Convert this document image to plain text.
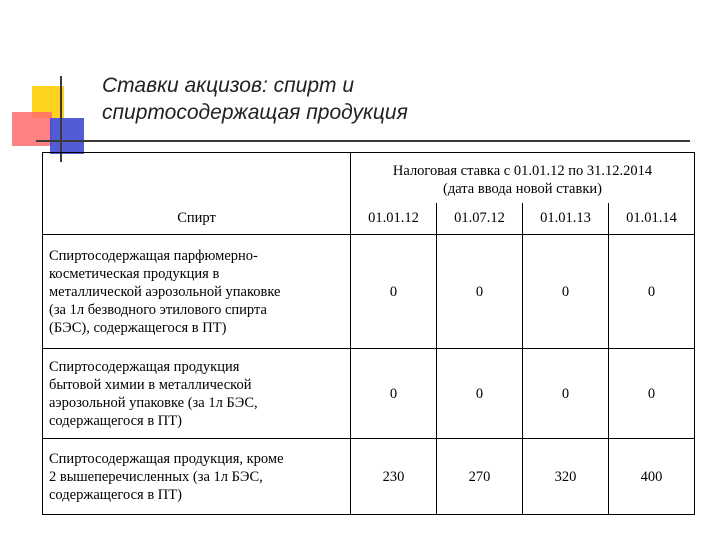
Ставки акцизов: спирт и
спиртосодержащая продукция

	Налоговая ставка с 01.01.12 по 31.12.2014
(дата ввода новой ставки)			

Спирт	01.01.12	01.07.12	01.01.13	01.01.14

Спиртосодержащая парфюмерно-
косметическая продукция в
металлической аэрозольной упаковке
(за 1л безводного этилового спирта
(БЭС), содержащегося в ПТ)	0	0	0	0

Спиртосодержащая продукция
бытовой химии в металлической
аэрозольной упаковке (за 1л БЭС,
содержащегося в ПТ)	0	0	0	0

Спиртосодержащая продукция, кроме
2 вышеперечисленных (за 1л БЭС,
содержащегося в ПТ)	230	270	320	400
